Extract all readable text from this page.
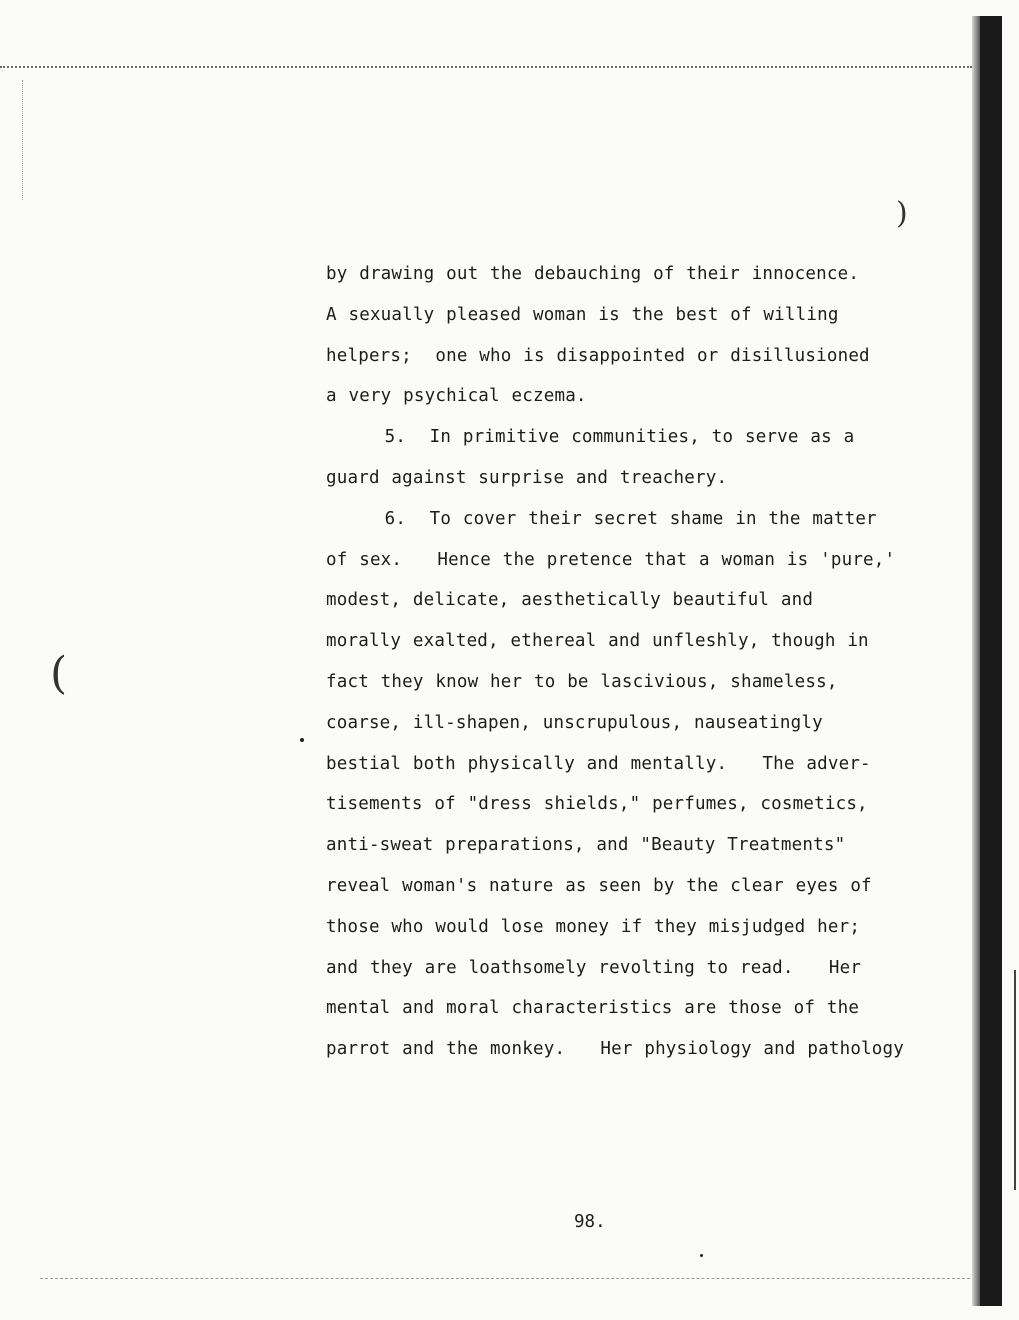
(
)
by drawing out the debauching of their innocence.
A sexually pleased woman is the best of willing
helpers;  one who is disappointed or disillusioned
a very psychical eczema.
5.  In primitive communities, to serve as a
guard against surprise and treachery.
6.  To cover their secret shame in the matter
of sex.   Hence the pretence that a woman is 'pure,'
modest, delicate, aesthetically beautiful and
morally exalted, ethereal and unfleshly, though in
fact they know her to be lascivious, shameless,
coarse, ill-shapen, unscrupulous, nauseatingly
bestial both physically and mentally.   The adver-
tisements of "dress shields," perfumes, cosmetics,
anti-sweat preparations, and "Beauty Treatments"
reveal woman's nature as seen by the clear eyes of
those who would lose money if they misjudged her;
and they are loathsomely revolting to read.   Her
mental and moral characteristics are those of the
parrot and the monkey.   Her physiology and pathology
98.
